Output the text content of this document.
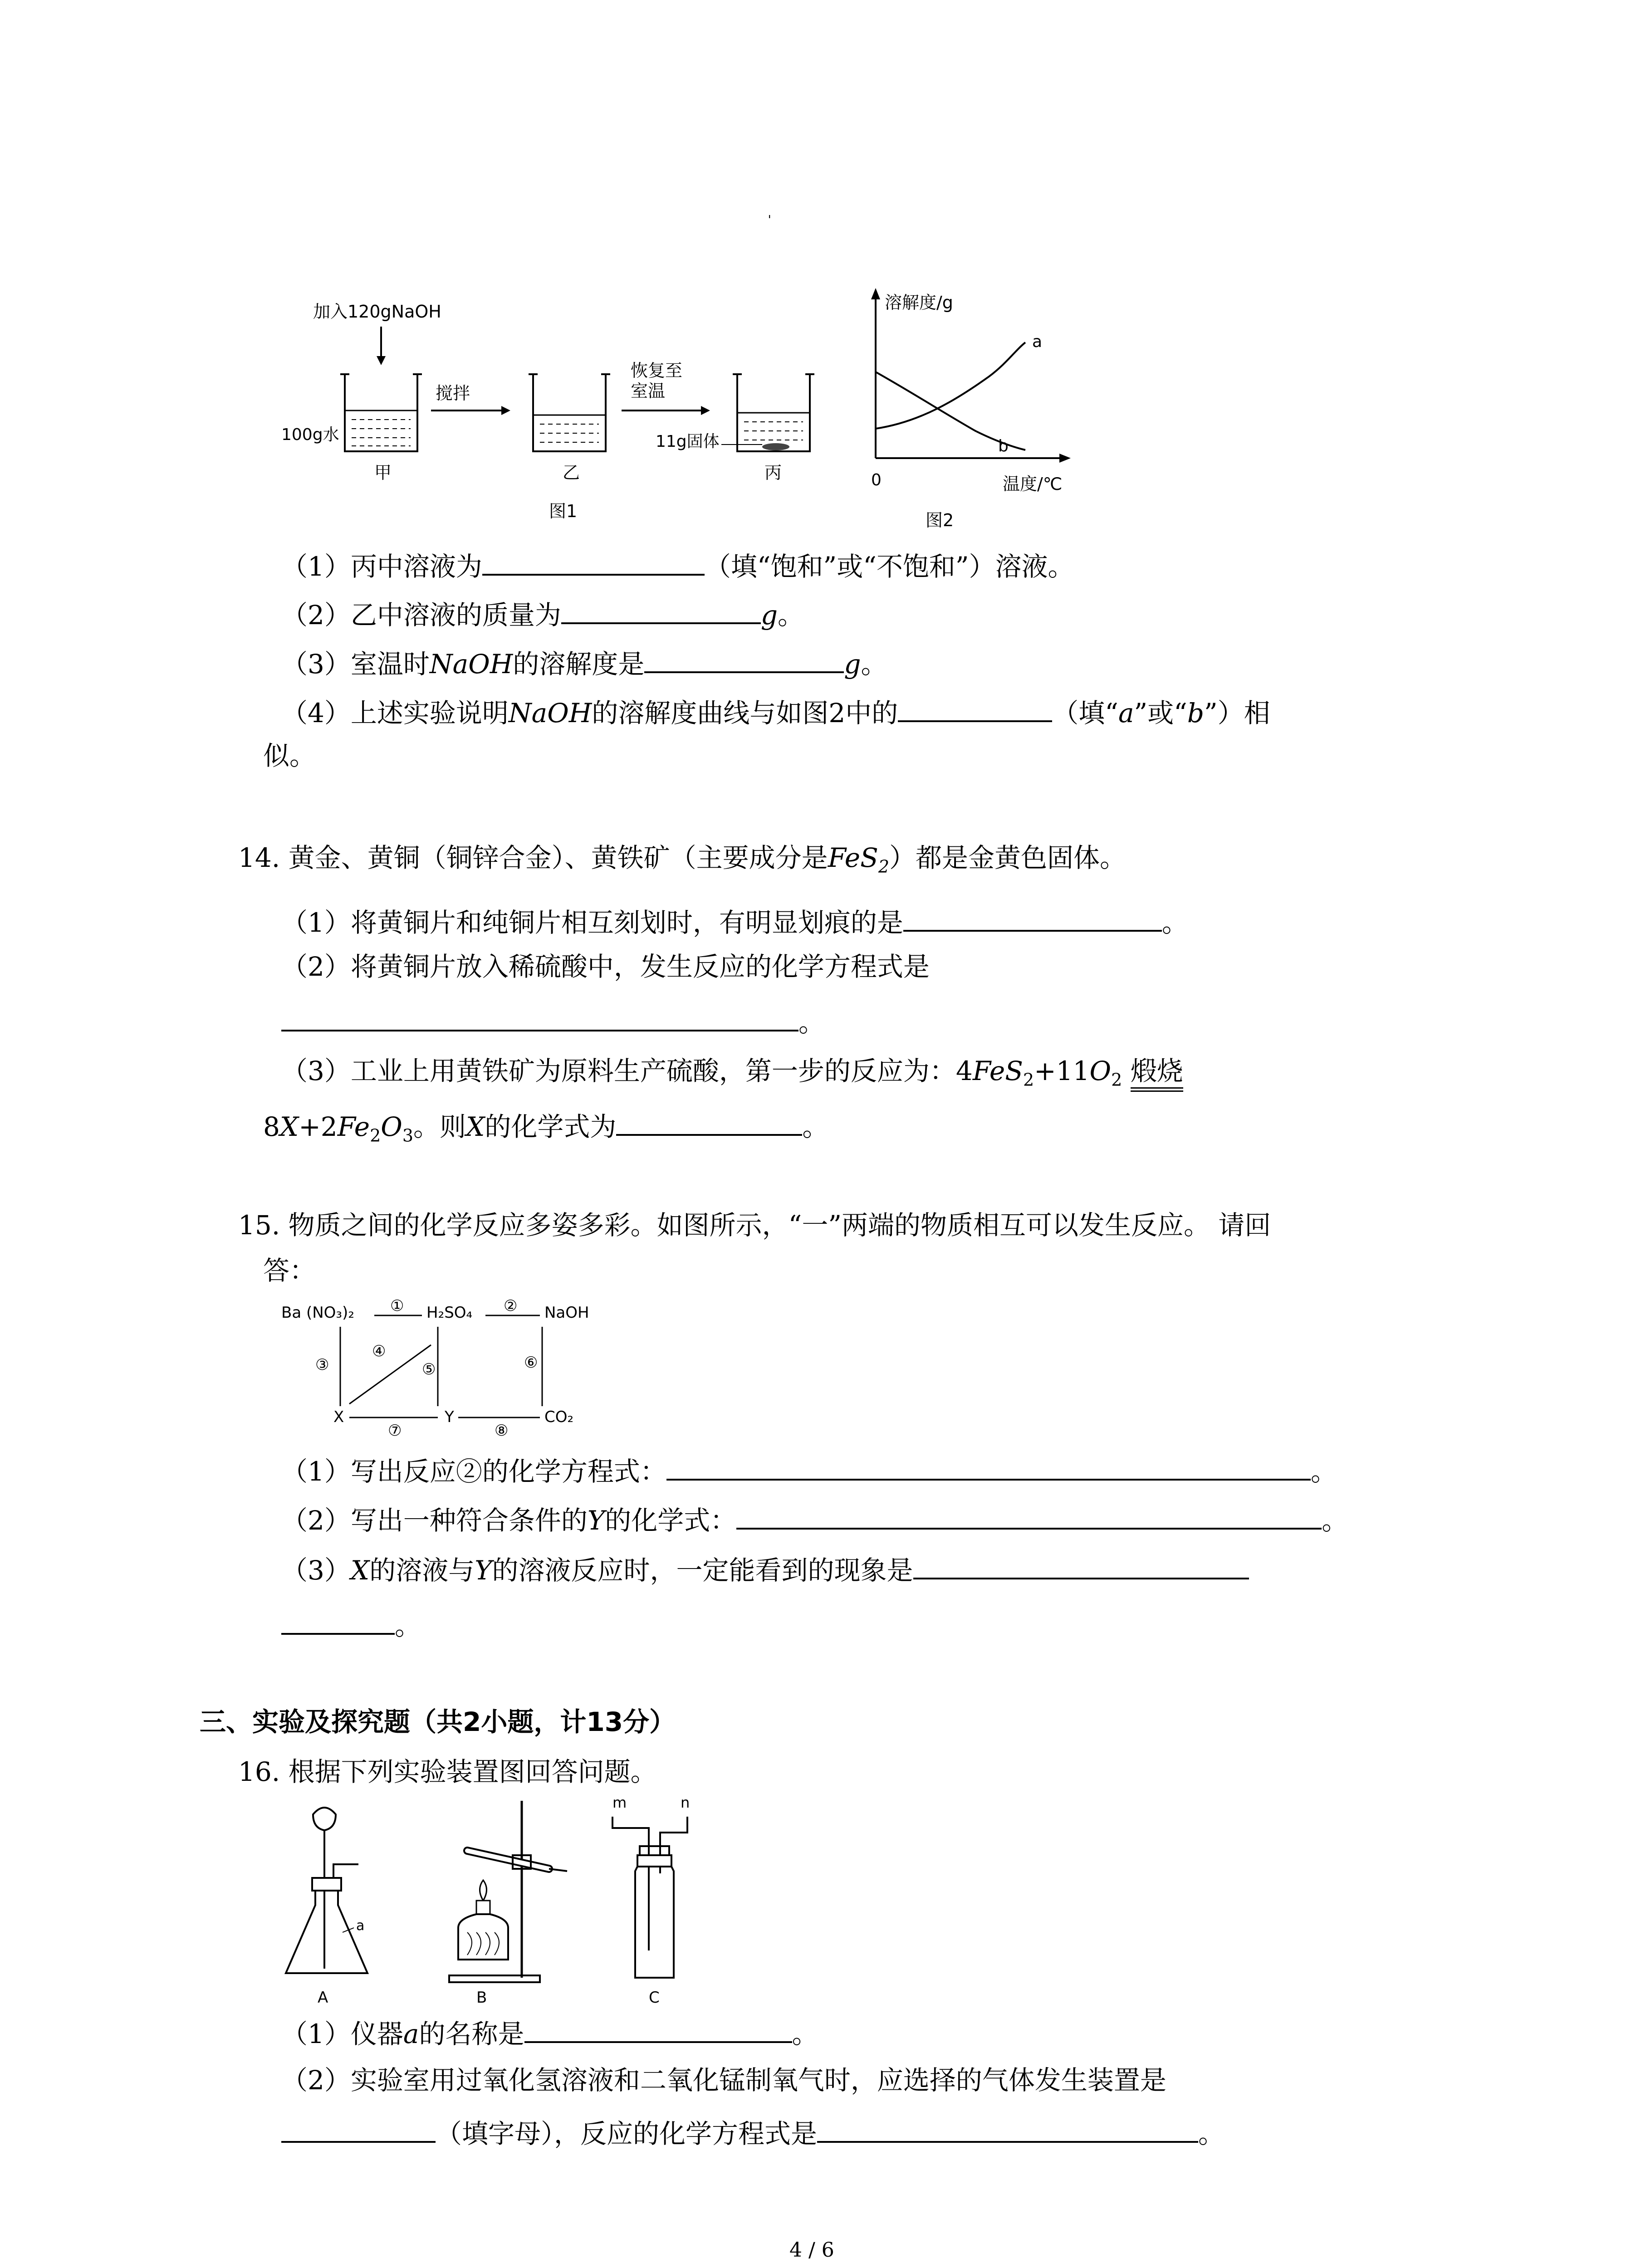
ˈ
加入120gNaOH
100g水
甲
搅拌
乙
恢复至
室温
11g固体
丙
图1
溶解度/g
0	温度/℃
a
b
图2
（1）丙中溶液为	（填“饱和”或“不饱和”）溶液。
（2）乙中溶液的质量为	g。
（3）室温时NaOH的溶解度是	g。
（4）上述实验说明NaOH的溶解度曲线与如图2中的	（填“a”或“b”）相
似。
14. 黄金、黄铜（铜锌合金）、黄铁矿（主要成分是FeS$_2$）都是金黄色固体。
（1）将黄铜片和纯铜片相互刻划时，有明显划痕的是	。
（2）将黄铜片放入稀硫酸中，发生反应的化学方程式是
。
（3）工业上用黄铁矿为原料生产硫酸，第一步的反应为：$4FeS_2+11O_2$ 煅烧
$8X+2Fe_2O_3$。则X的化学式为	。
15. 物质之间的化学反应多姿多彩。如图所示，“一”两端的物质相互可以发生反应。 请回
答：
Ba (NO₃)₂	H₂SO₄	NaOH
X	Y	CO₂
①	②
③
④
⑤	⑥
⑦	⑧
（1）写出反应②的化学方程式：	。
（2）写出一种符合条件的Y的化学式：	。
（3）X的溶液与Y的溶液反应时，一定能看到的现象是
。
三、实验及探究题（共2小题，计13分）
16. 根据下列实验装置图回答问题。
a
A	B
m	n
C
（1）仪器a的名称是	。
（2）实验室用过氧化氢溶液和二氧化锰制氧气时，应选择的气体发生装置是
（填字母），反应的化学方程式是	。
4 / 6
